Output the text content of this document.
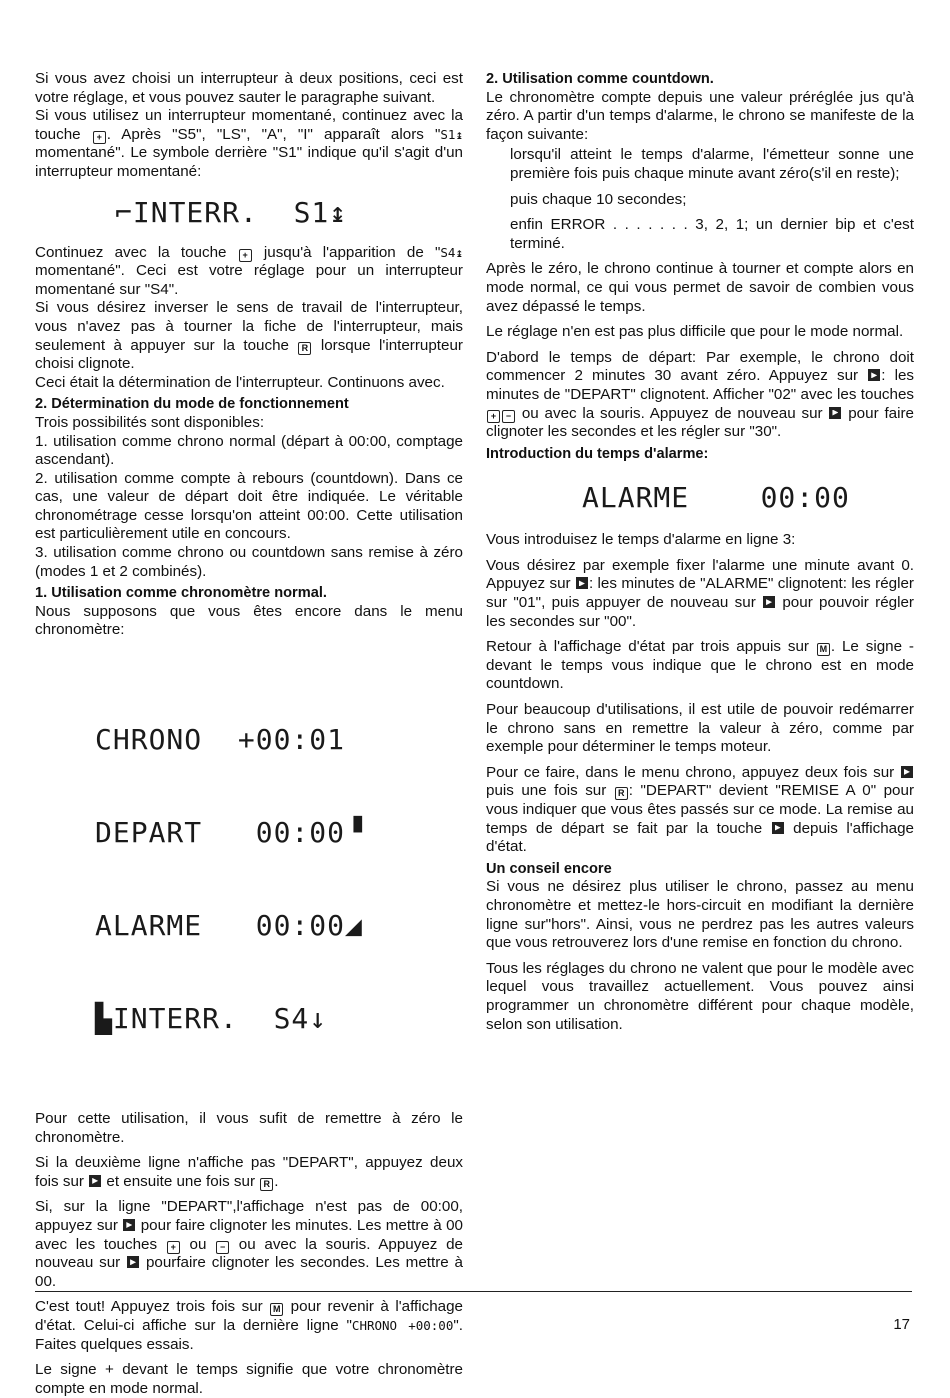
Si vous avez choisi un interrupteur à deux positions, ceci est votre réglage, et vous pouvez sauter le paragraphe suivant.

Si vous utilisez un interrupteur momentané, continuez avec la touche + . Après "S5", "LS", "A", "I" apparaît alors "S1↨ momentané". Le symbole derrière "S1" indique qu'il s'agit d'un interrupteur momentané:

⌐INTERR.  S1↨

Continuez avec la touche + jusqu'à l'apparition de "S4↨ momentané". Ceci est votre réglage pour un interrupteur momentané sur "S4".

Si vous désirez inverser le sens de travail de l'interrupteur, vous n'avez pas à tourner la fiche de l'interrupteur, mais seulement à appuyer sur la touche R lorsque l'interrupteur choisi clignote.

Ceci était la détermination de l'interrupteur. Continuons avec.

2. Détermination du mode de fonctionnement

Trois possibilités sont disponibles:

1. utilisation comme chrono normal (départ à 00:00, comptage ascendant).

2. utilisation comme compte à rebours (countdown). Dans ce cas, une valeur de départ doit être indiquée. Le véritable chronométrage cesse lorsqu'on atteint 00:00. Cette utilisation est particulièrement utile en concours.

3. utilisation comme chrono ou countdown sans remise à zéro (modes 1 et 2 combinés).

1. Utilisation comme chronomètre normal.

Nous supposons que vous êtes encore dans le menu chronomètre:

CHRONO  +00:01

DEPART   00:00▝

ALARME   00:00◢

▙INTERR.  S4↓

Pour cette utilisation, il vous sufit de remettre à zéro le chronomètre.

Si la deuxième ligne n'affiche pas "DEPART", appuyez deux fois sur  et ensuite une fois sur R .

Si, sur la ligne "DEPART",l'affichage n'est pas de 00:00, appuyez sur  pour faire clignoter les minutes. Les mettre à 00 avec les touches + ou − ou avec la souris. Appuyez de nouveau sur  pourfaire clignoter les secondes. Les mettre à 00.

C'est tout! Appuyez trois fois sur M pour revenir à l'affichage d'état. Celui-ci affiche sur la dernière ligne "CHRONO +00:00". Faites quelques essais.

Le signe + devant le temps signifie que votre chronomètre compte en mode normal.

2. Utilisation comme countdown.

Le chronomètre compte depuis une valeur préréglée jus qu'à zéro. A partir d'un temps d'alarme, le chrono se manifeste de la façon suivante:

lorsqu'il atteint le temps d'alarme, l'émetteur sonne une première fois puis chaque minute avant zéro(s'il en reste);

puis chaque 10 secondes;

enfin ERROR . . . . . . . 3, 2, 1; un dernier bip et c'est terminé.

Après le zéro, le chrono continue à tourner et compte alors en mode normal, ce qui vous permet de savoir de combien vous avez dépassé le temps.

Le réglage n'en est pas plus difficile que pour le mode normal.

D'abord le temps de départ: Par exemple, le chrono doit commencer 2 minutes 30 avant zéro. Appuyez sur : les minutes de "DEPART" clignotent. Afficher "02" avec les touches + − ou avec la souris. Appuyez de nouveau sur  pour faire clignoter les secondes et les régler sur "30".

Introduction du temps d'alarme:

ALARME    00:00

Vous introduisez le temps d'alarme en ligne 3:

Vous désirez par exemple fixer l'alarme une minute avant 0. Appuyez sur : les minutes de "ALARME" clignotent: les régler sur "01", puis appuyer de nouveau sur  pour pouvoir régler les secondes sur "00".

Retour à l'affichage d'état par trois appuis sur M . Le signe - devant le temps vous indique que le chrono est en mode countdown.

Pour beaucoup d'utilisations, il est utile de pouvoir redémarrer le chrono sans en remettre la valeur à zéro, comme par exemple pour déterminer le temps moteur.

Pour ce faire, dans le menu chrono, appuyez deux fois sur  puis une fois sur R : "DEPART" devient "REMISE A 0" pour vous indiquer que vous êtes passés sur ce mode. La remise au temps de départ se fait par la touche  depuis l'affichage d'état.

Un conseil encore

Si vous ne désirez plus utiliser le chrono, passez au menu chronomètre et mettez-le hors-circuit en modifiant la dernière ligne sur"hors". Ainsi, vous ne perdrez pas les autres valeurs que vous retrouverez lors d'une remise en fonction du chrono.

Tous les réglages du chrono ne valent que pour le modèle avec lequel vous travaillez actuellement. Vous pouvez ainsi programmer un chronomètre différent pour chaque modèle, selon son utilisation.

17
